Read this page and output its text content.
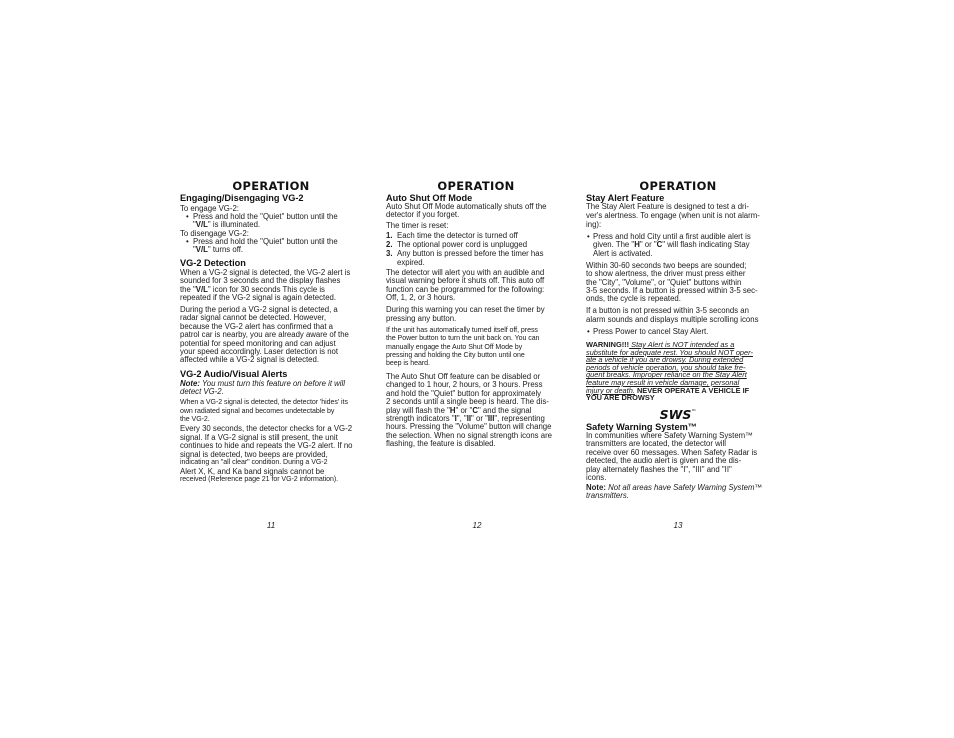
OPERATION
Engaging/Disengaging VG-2
To engage VG-2:
• Press and hold the "Quiet" button until the
"V/L" is illuminated.
To disengage VG-2:
• Press and hold the "Quiet" button until the
"V/L" turns off.
VG-2 Detection
When a VG-2 signal is detected, the VG-2 alert is
sounded for 3 seconds and the display flashes
the "V/L" icon for 30 seconds This cycle is
repeated if the VG-2 signal is again detected.
During the period a VG-2 signal is detected, a
radar signal cannot be detected. However,
because the VG-2 alert has confirmed that a
patrol car is nearby, you are already aware of the
potential for speed monitoring and can adjust
your speed accordingly. Laser detection is not
affected while a VG-2 signal is detected.
VG-2 Audio/Visual Alerts
Note: You must turn this feature on before it will
detect VG-2.
When a VG-2 signal is detected, the detector 'hides' its
own radiated signal and becomes undetectable by
the VG-2.
Every 30 seconds, the detector checks for a VG-2
signal. If a VG-2 signal is still present, the unit
continues to hide and repeats the VG-2 alert. If no
signal is detected, two beeps are provided,
indicating an "all clear" condition. During a VG-2
Alert X, K, and Ka band signals cannot be
received (Reference page 21 for VG-2 information).
11
OPERATION
Auto Shut Off Mode
Auto Shut Off Mode automatically shuts off the
detector if you forget.
The timer is reset:
1. Each time the detector is turned off
2. The optional power cord is unplugged
3. Any button is pressed before the timer has
expired.
The detector will alert you with an audible and
visual warning before it shuts off. This auto off
function can be programmed for the following:
Off, 1, 2, or 3 hours.
During this warning you can reset the timer by
pressing any button.
If the unit has automatically turned itself off, press
the Power button to turn the unit back on. You can
manually engage the Auto Shut Off Mode by
pressing and holding the City button until one
beep is heard.
The Auto Shut Off feature can be disabled or
changed to 1 hour, 2 hours, or 3 hours. Press
and hold the "Quiet" button for approximately
2 seconds until a single beep is heard. The dis-
play will flash the "H" or "C" and the signal
strength indicators "I", "II" or "III", representing
hours. Pressing the "Volume" button will change
the selection. When no signal strength icons are
flashing, the feature is disabled.
12
OPERATION
Stay Alert Feature
The Stay Alert Feature is designed to test a dri-
ver's alertness. To engage (when unit is not alarm-
ing):
• Press and hold City until a first audible alert is
given. The "H" or "C" will flash indicating Stay
Alert is activated.
Within 30-60 seconds two beeps are sounded;
to show alertness, the driver must press either
the "City", "Volume", or "Quiet" buttons within
3-5 seconds. If a button is pressed within 3-5 sec-
onds, the cycle is repeated.
If a button is not pressed within 3-5 seconds an
alarm sounds and displays multiple scrolling icons
• Press Power to cancel Stay Alert.
WARNING!!! Stay Alert is NOT intended as a
substitute for adequate rest. You should NOT oper-
ate a vehicle if you are drowsy. During extended
periods of vehicle operation, you should take fre-
quent breaks. Improper reliance on the Stay Alert
feature may result in vehicle damage, personal
injury or death. NEVER OPERATE A VEHICLE IF
YOU ARE DROWSY
SWS™
Safety Warning System™
In communities where Safety Warning System™
transmitters are located, the detector will
receive over 60 messages. When Safety Radar is
detected, the audio alert is given and the dis-
play alternately flashes the "I", "III" and "II"
icons.
Note: Not all areas have Safety Warning System™
transmitters.
13
